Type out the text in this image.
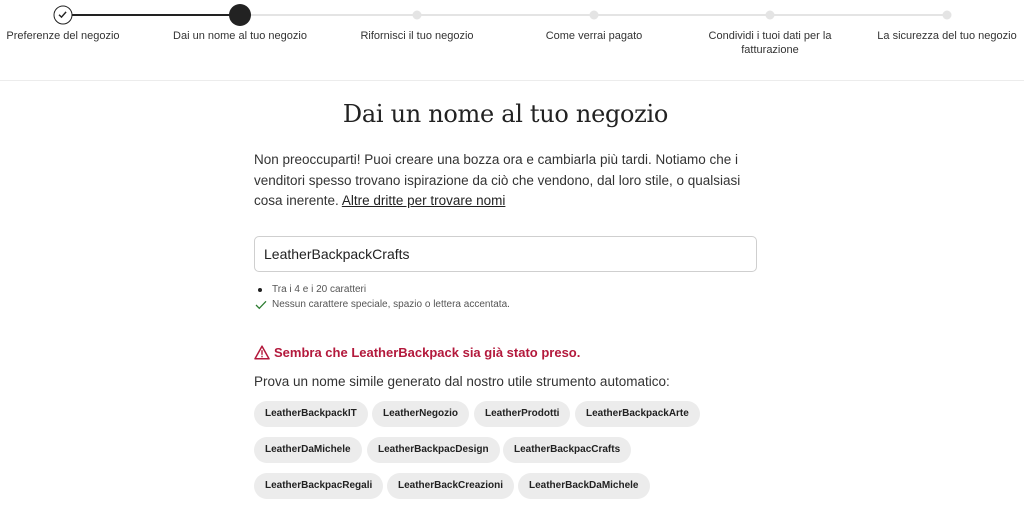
Preferenze del negozio	Dai un nome al tuo negozio	Rifornisci il tuo negozio	Come verrai pagato	Condividi i tuoi dati per la fatturazione
La sicurezza del tuo negozio
Dai un nome al tuo negozio
Non preoccuparti! Puoi creare una bozza ora e cambiarla più tardi. Notiamo che i venditori spesso trovano ispirazione da ciò che vendono, dal loro stile, o qualsiasi cosa inerente. Altre dritte per trovare nomi
LeatherBackpackCrafts
Tra i 4 e i 20 caratteri
Nessun carattere speciale, spazio o lettera accentata.
Sembra che LeatherBackpack sia già stato preso.
Prova un nome simile generato dal nostro utile strumento automatico:
LeatherBackpackIT	LeatherNegozio	LeatherProdotti	LeatherBackpackArte
LeatherDaMichele	LeatherBackpacDesign	LeatherBackpacCrafts
LeatherBackpacRegali	LeatherBackCreazioni	LeatherBackDaMichele
